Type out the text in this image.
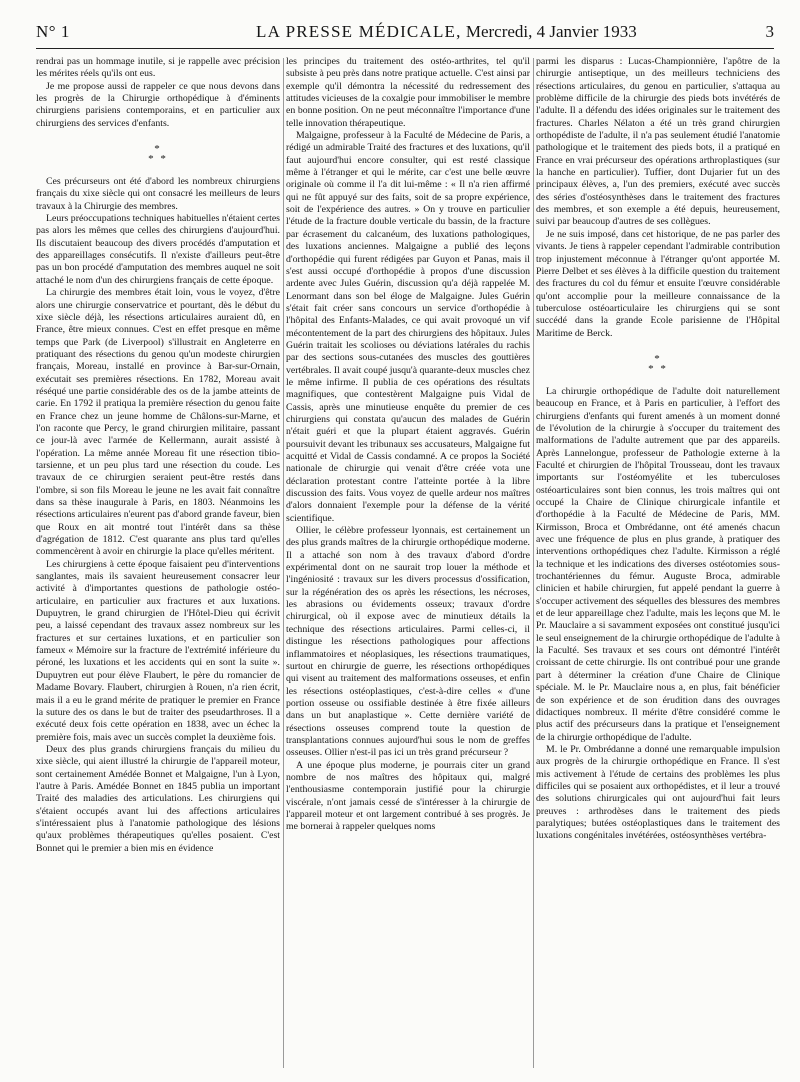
N° 1	LA PRESSE MÉDICALE, Mercredi, 4 Janvier 1933	3

rendrai pas un hommage inutile, si je rappelle avec précision les mérites réels qu'ils ont eus.

Je me propose aussi de rappeler ce que nous devons dans les progrès de la Chirurgie orthopédique à d'éminents chirurgiens parisiens contemporains, et en particulier aux chirurgiens des services d'enfants.

*
* *

Ces précurseurs ont été d'abord les nombreux chirurgiens français du xixe siècle qui ont consacré les meilleurs de leurs travaux à la Chirurgie des membres.

Leurs préoccupations techniques habituelles n'étaient certes pas alors les mêmes que celles des chirurgiens d'aujourd'hui. Ils discutaient beaucoup des divers procédés d'amputation et des appareillages consécutifs. Il n'existe d'ailleurs peut-être pas un bon procédé d'amputation des membres auquel ne soit attaché le nom d'un des chirurgiens français de cette époque.

La chirurgie des membres était loin, vous le voyez, d'être alors une chirurgie conservatrice et pourtant, dès le début du xixe siècle déjà, les résections articulaires auraient dû, en France, être mieux connues. C'est en effet presque en même temps que Park (de Liverpool) s'illustrait en Angleterre en pratiquant des résections du genou qu'un modeste chirurgien français, Moreau, installé en province à Bar-sur-Ornain, exécutait ses premières résections. En 1782, Moreau avait réséqué une partie considérable des os de la jambe atteints de carie. En 1792 il pratiqua la première résection du genou faite en France chez un jeune homme de Châlons-sur-Marne, et l'on raconte que Percy, le grand chirurgien militaire, passant ce jour-là avec l'armée de Kellermann, aurait assisté à l'opération. La même année Moreau fit une résection tibio-tarsienne, et un peu plus tard une résection du coude. Les travaux de ce chirurgien seraient peut-être restés dans l'ombre, si son fils Moreau le jeune ne les avait fait connaître dans sa thèse inaugurale à Paris, en 1803. Néanmoins les résections articulaires n'eurent pas d'abord grande faveur, bien que Roux en ait montré tout l'intérêt dans sa thèse d'agrégation de 1812. C'est quarante ans plus tard qu'elles commencèrent à avoir en chirurgie la place qu'elles méritent.

Les chirurgiens à cette époque faisaient peu d'interventions sanglantes, mais ils savaient heureusement consacrer leur activité à d'importantes questions de pathologie ostéo-articulaire, en particulier aux fractures et aux luxations. Dupuytren, le grand chirurgien de l'Hôtel-Dieu qui écrivit peu, a laissé cependant des travaux assez nombreux sur les fractures et sur certaines luxations, et en particulier son fameux « Mémoire sur la fracture de l'extrémité inférieure du péroné, les luxations et les accidents qui en sont la suite ». Dupuytren eut pour élève Flaubert, le père du romancier de Madame Bovary. Flaubert, chirurgien à Rouen, n'a rien écrit, mais il a eu le grand mérite de pratiquer le premier en France la suture des os dans le but de traiter des pseudarthroses. Il a exécuté deux fois cette opération en 1838, avec un échec la première fois, mais avec un succès complet la deuxième fois.

Deux des plus grands chirurgiens français du milieu du xixe siècle, qui aient illustré la chirurgie de l'appareil moteur, sont certainement Amédée Bonnet et Malgaigne, l'un à Lyon, l'autre à Paris. Amédée Bonnet en 1845 publia un important Traité des maladies des articulations. Les chirurgiens qui s'étaient occupés avant lui des affections articulaires s'intéressaient plus à l'anatomie pathologique des lésions qu'aux problèmes thérapeutiques qu'elles posaient. C'est Bonnet qui le premier a bien mis en évidence

les principes du traitement des ostéo-arthrites, tel qu'il subsiste à peu près dans notre pratique actuelle. C'est ainsi par exemple qu'il démontra la nécessité du redressement des attitudes vicieuses de la coxalgie pour immobiliser le membre en bonne position. On ne peut méconnaître l'importance d'une telle innovation thérapeutique.

Malgaigne, professeur à la Faculté de Médecine de Paris, a rédigé un admirable Traité des fractures et des luxations, qu'il faut aujourd'hui encore consulter, qui est resté classique même à l'étranger et qui le mérite, car c'est une belle œuvre originale où comme il l'a dit lui-même : « Il n'a rien affirmé qui ne fût appuyé sur des faits, soit de sa propre expérience, soit de l'expérience des autres. » On y trouve en particulier l'étude de la fracture double verticale du bassin, de la fracture par écrasement du calcanéum, des luxations pathologiques, des luxations anciennes. Malgaigne a publié des leçons d'orthopédie qui furent rédigées par Guyon et Panas, mais il s'est aussi occupé d'orthopédie à propos d'une discussion ardente avec Jules Guérin, discussion qu'a déjà rappelée M. Lenormant dans son bel éloge de Malgaigne. Jules Guérin s'était fait créer sans concours un service d'orthopédie à l'hôpital des Enfants-Malades, ce qui avait provoqué un vif mécontentement de la part des chirurgiens des hôpitaux. Jules Guérin traitait les scolioses ou déviations latérales du rachis par des sections sous-cutanées des muscles des gouttières vertébrales. Il avait coupé jusqu'à quarante-deux muscles chez le même infirme. Il publia de ces opérations des résultats magnifiques, que contestèrent Malgaigne puis Vidal de Cassis, après une minutieuse enquête du premier de ces chirurgiens qui constata qu'aucun des malades de Guérin n'était guéri et que la plupart étaient aggravés. Guérin poursuivit devant les tribunaux ses accusateurs, Malgaigne fut acquitté et Vidal de Cassis condamné. A ce propos la Société nationale de chirurgie qui venait d'être créée vota une déclaration protestant contre l'atteinte portée à la libre discussion des faits. Vous voyez de quelle ardeur nos maîtres d'alors donnaient l'exemple pour la défense de la vérité scientifique.

Ollier, le célèbre professeur lyonnais, est certainement un des plus grands maîtres de la chirurgie orthopédique moderne. Il a attaché son nom à des travaux d'abord d'ordre expérimental dont on ne saurait trop louer la méthode et l'ingéniosité : travaux sur les divers processus d'ossification, sur la régénération des os après les résections, les nécroses, les abrasions ou évidements osseux; travaux d'ordre chirurgical, où il expose avec de minutieux détails la technique des résections articulaires. Parmi celles-ci, il distingue les résections pathologiques pour affections inflammatoires et néoplasiques, les résections traumatiques, surtout en chirurgie de guerre, les résections orthopédiques qui visent au traitement des malformations osseuses, et enfin les résections ostéoplastiques, c'est-à-dire celles « d'une portion osseuse ou ossifiable destinée à être fixée ailleurs dans un but anaplastique ». Cette dernière variété de résections osseuses comprend toute la question de transplantations connues aujourd'hui sous le nom de greffes osseuses. Ollier n'est-il pas ici un très grand précurseur ?

A une époque plus moderne, je pourrais citer un grand nombre de nos maîtres des hôpitaux qui, malgré l'enthousiasme contemporain justifié pour la chirurgie viscérale, n'ont jamais cessé de s'intéresser à la chirurgie de l'appareil moteur et ont largement contribué à ses progrès. Je me bornerai à rappeler quelques noms

parmi les disparus : Lucas-Championnière, l'apôtre de la chirurgie antiseptique, un des meilleurs techniciens des résections articulaires, du genou en particulier, s'attaqua au problème difficile de la chirurgie des pieds bots invétérés de l'adulte. Il a défendu des idées originales sur le traitement des fractures. Charles Nélaton a été un très grand chirurgien orthopédiste de l'adulte, il n'a pas seulement étudié l'anatomie pathologique et le traitement des pieds bots, il a pratiqué en France en vrai précurseur des opérations arthroplastiques (sur la hanche en particulier). Tuffier, dont Dujarier fut un des principaux élèves, a, l'un des premiers, exécuté avec succès des séries d'ostéosynthèses dans le traitement des fractures des membres, et son exemple a été depuis, heureusement, suivi par beaucoup d'autres de ses collègues.

Je ne suis imposé, dans cet historique, de ne pas parler des vivants. Je tiens à rappeler cependant l'admirable contribution trop injustement méconnue à l'étranger qu'ont apportée M. Pierre Delbet et ses élèves à la difficile question du traitement des fractures du col du fémur et ensuite l'œuvre considérable qu'ont accomplie pour la meilleure connaissance de la tuberculose ostéoarticulaire les chirurgiens qui se sont succédé dans la grande Ecole parisienne de l'Hôpital Maritime de Berck.

*
* *

La chirurgie orthopédique de l'adulte doit naturellement beaucoup en France, et à Paris en particulier, à l'effort des chirurgiens d'enfants qui furent amenés à un moment donné de l'évolution de la chirurgie à s'occuper du traitement des malformations de l'adulte autrement que par des appareils. Après Lannelongue, professeur de Pathologie externe à la Faculté et chirurgien de l'hôpital Trousseau, dont les travaux importants sur l'ostéomyélite et les tuberculoses ostéoarticulaires sont bien connus, les trois maîtres qui ont occupé la Chaire de Clinique chirurgicale infantile et d'orthopédie à la Faculté de Médecine de Paris, MM. Kirmisson, Broca et Ombrédanne, ont été amenés chacun avec une fréquence de plus en plus grande, à pratiquer des interventions orthopédiques chez l'adulte. Kirmisson a réglé la technique et les indications des diverses ostéotomies sous-trochantériennes du fémur. Auguste Broca, admirable clinicien et habile chirurgien, fut appelé pendant la guerre à s'occuper activement des séquelles des blessures des membres et de leur appareillage chez l'adulte, mais les leçons que M. le Pr. Mauclaire a si savamment exposées ont constitué jusqu'ici le seul enseignement de la chirurgie orthopédique de l'adulte à la Faculté. Ses travaux et ses cours ont démontré l'intérêt croissant de cette chirurgie. Ils ont contribué pour une grande part à déterminer la création d'une Chaire de Clinique spéciale. M. le Pr. Mauclaire nous a, en plus, fait bénéficier de son expérience et de son érudition dans des ouvrages didactiques nombreux. Il mérite d'être considéré comme le plus actif des précurseurs dans la pratique et l'enseignement de la chirurgie orthopédique de l'adulte.

M. le Pr. Ombrédanne a donné une remarquable impulsion aux progrès de la chirurgie orthopédique en France. Il s'est mis activement à l'étude de certains des problèmes les plus difficiles qui se posaient aux orthopédistes, et il leur a trouvé des solutions chirurgicales qui ont aujourd'hui fait leurs preuves : arthrodèses dans le traitement des pieds paralytiques; butées ostéoplastiques dans le traitement des luxations congénitales invétérées, ostéosynthèses vertébra-
